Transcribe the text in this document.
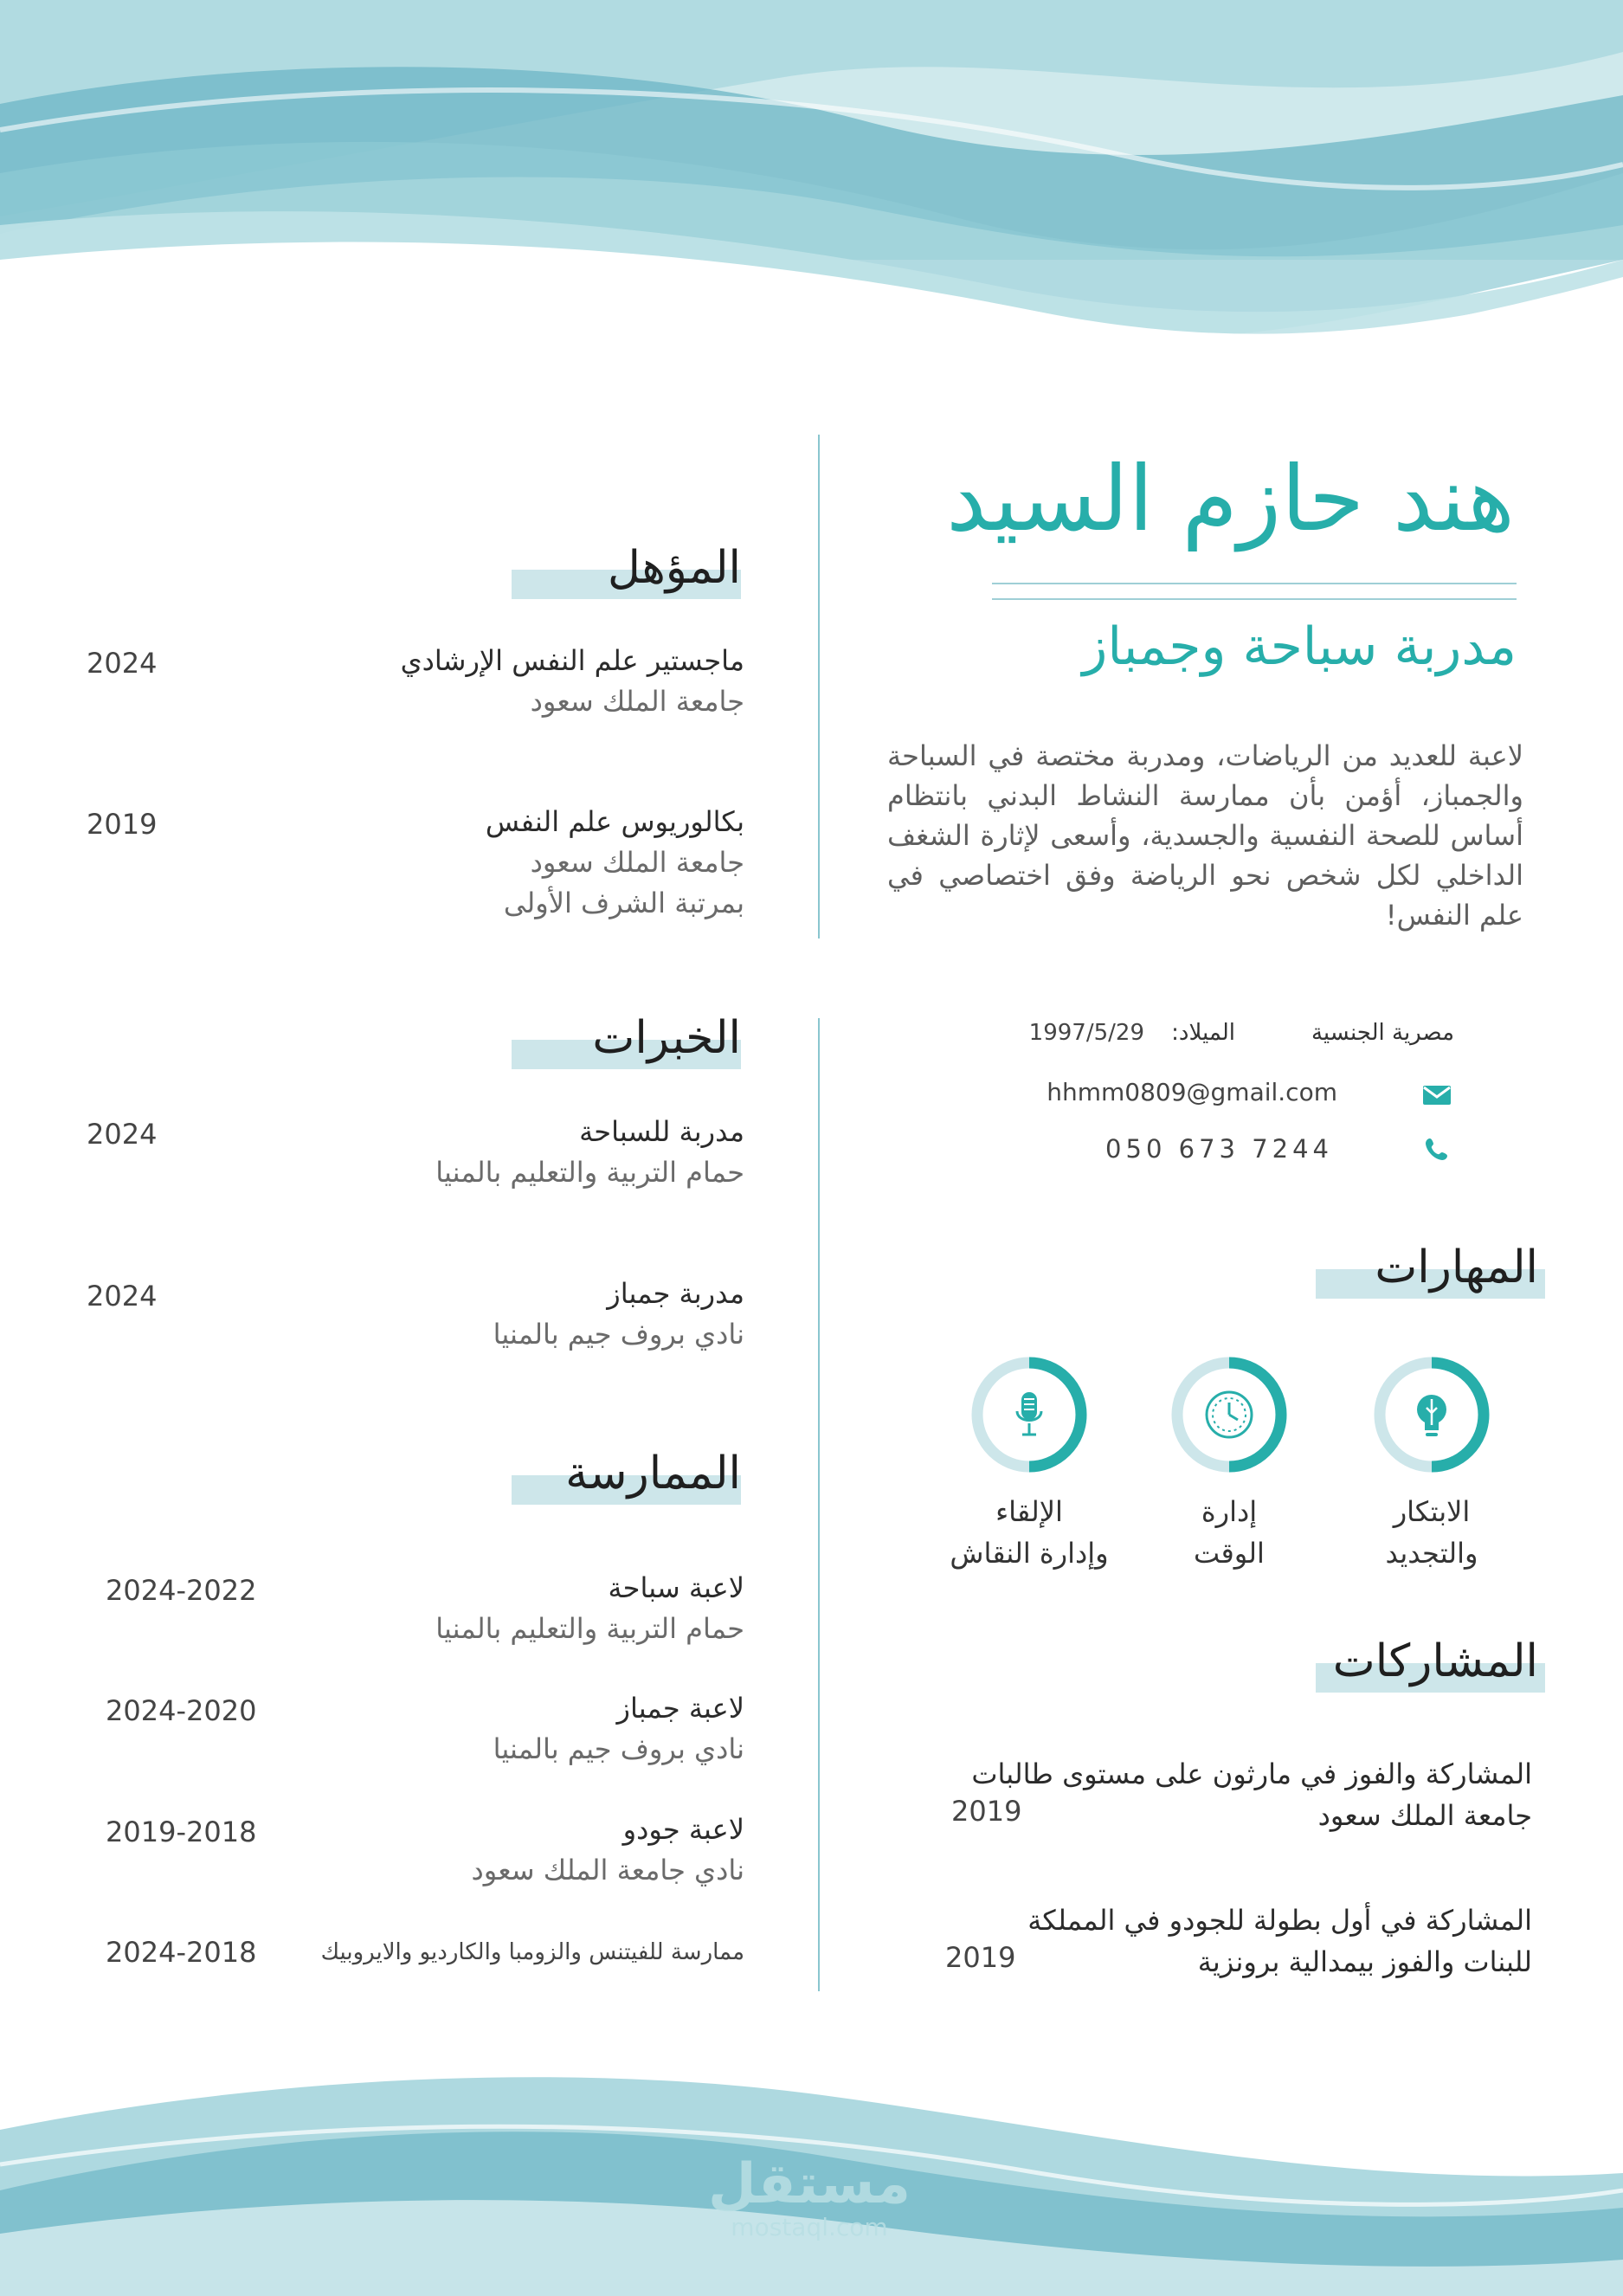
هند حازم السيد
مدربة سباحة وجمباز
لاعبة للعديد من الرياضات، ومدربة مختصة في السباحة والجمباز، أؤمن بأن ممارسة النشاط البدني بانتظام أساس للصحة النفسية والجسدية، وأسعى لإثارة الشغف الداخلي لكل شخص نحو الرياضة وفق اختصاصي في علم النفس!
مصرية الجنسية
الميلاد:
1997/5/29
hhmm0809@gmail.com
050 673 7244
المهارات
الابتكار
والتجديد
إدارة
الوقت
الإلقاء
وإدارة النقاش
المشاركات
المشاركة والفوز في مارثون على مستوى طالبات
جامعة الملك سعود
2019
المشاركة في أول بطولة للجودو في المملكة
للبنات والفوز بيمدالية برونزية
2019
المؤهل
ماجستير علم النفس الإرشادي
جامعة الملك سعود
2024
بكالوريوس علم النفس
جامعة الملك سعود
بمرتبة الشرف الأولى
2019
الخبرات
مدربة للسباحة
حمام التربية والتعليم بالمنيا
2024
مدربة جمباز
نادي بروف جيم بالمنيا
2024
الممارسة
لاعبة سباحة
حمام التربية والتعليم بالمنيا
2024-2022
لاعبة جمباز
نادي بروف جيم بالمنيا
2024-2020
لاعبة جودو
نادي جامعة الملك سعود
2019-2018
ممارسة للفيتنس والزومبا والكارديو والايروبيك
2024-2018
مستقل
mostaql.com
